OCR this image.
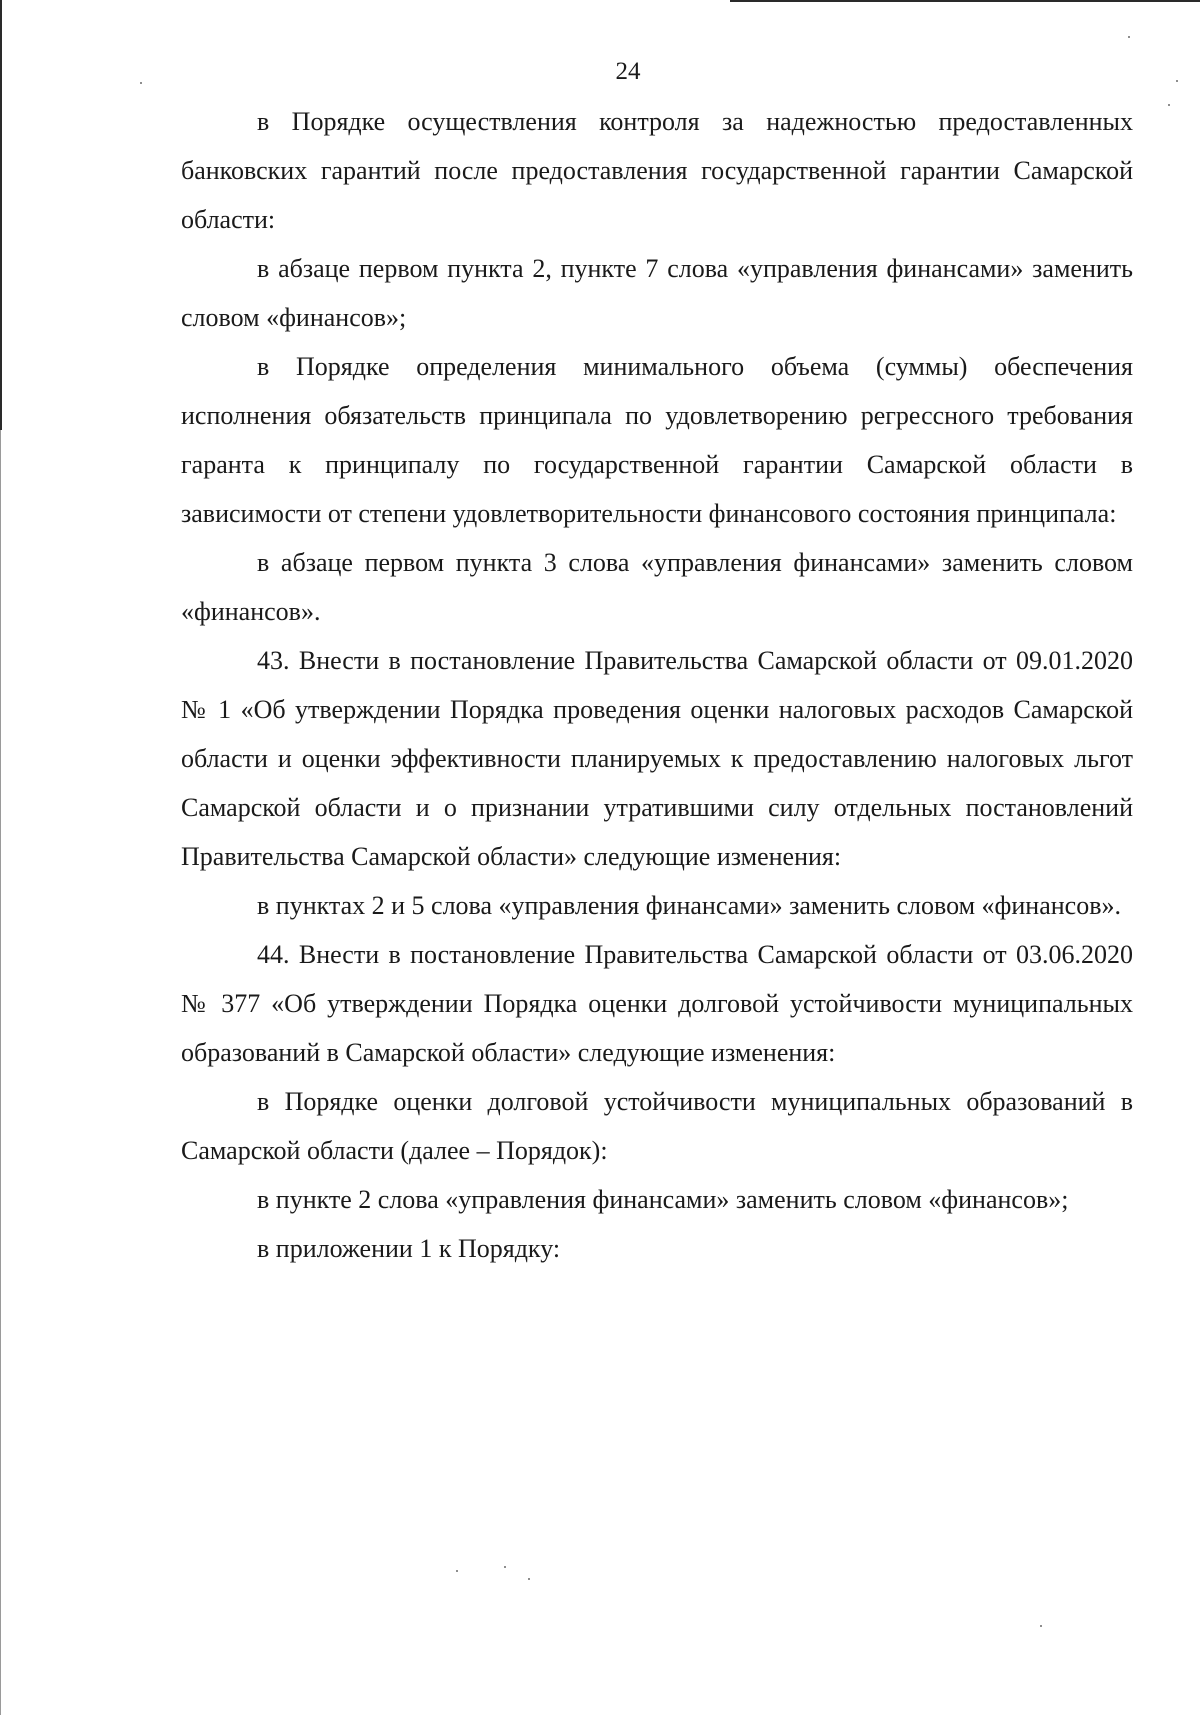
24

в Порядке осуществления контроля за надежностью предоставленных банковских гарантий после предоставления государственной гарантии Самарской области:

в абзаце первом пункта 2, пункте 7 слова «управления финансами» заменить словом «финансов»;

в Порядке определения минимального объема (суммы) обеспечения исполнения обязательств принципала по удовлетворению регрессного требования гаранта к принципалу по государственной гарантии Самарской области в зависимости от степени удовлетворительности финансового состояния принципала:

в абзаце первом пункта 3 слова «управления финансами» заменить словом «финансов».

43. Внести в постановление Правительства Самарской области от 09.01.2020 № 1 «Об утверждении Порядка проведения оценки налоговых расходов Самарской области и оценки эффективности планируемых к предоставлению налоговых льгот Самарской области и о признании утратившими силу отдельных постановлений Правительства Самарской области» следующие изменения:

в пунктах 2 и 5 слова «управления финансами» заменить словом «финансов».

44. Внести в постановление Правительства Самарской области от 03.06.2020 № 377 «Об утверждении Порядка оценки долговой устойчивости муниципальных образований в Самарской области» следующие изменения:

в Порядке оценки долговой устойчивости муниципальных образований в Самарской области (далее – Порядок):

в пункте 2 слова «управления финансами» заменить словом «финансов»;

в приложении 1 к Порядку:
